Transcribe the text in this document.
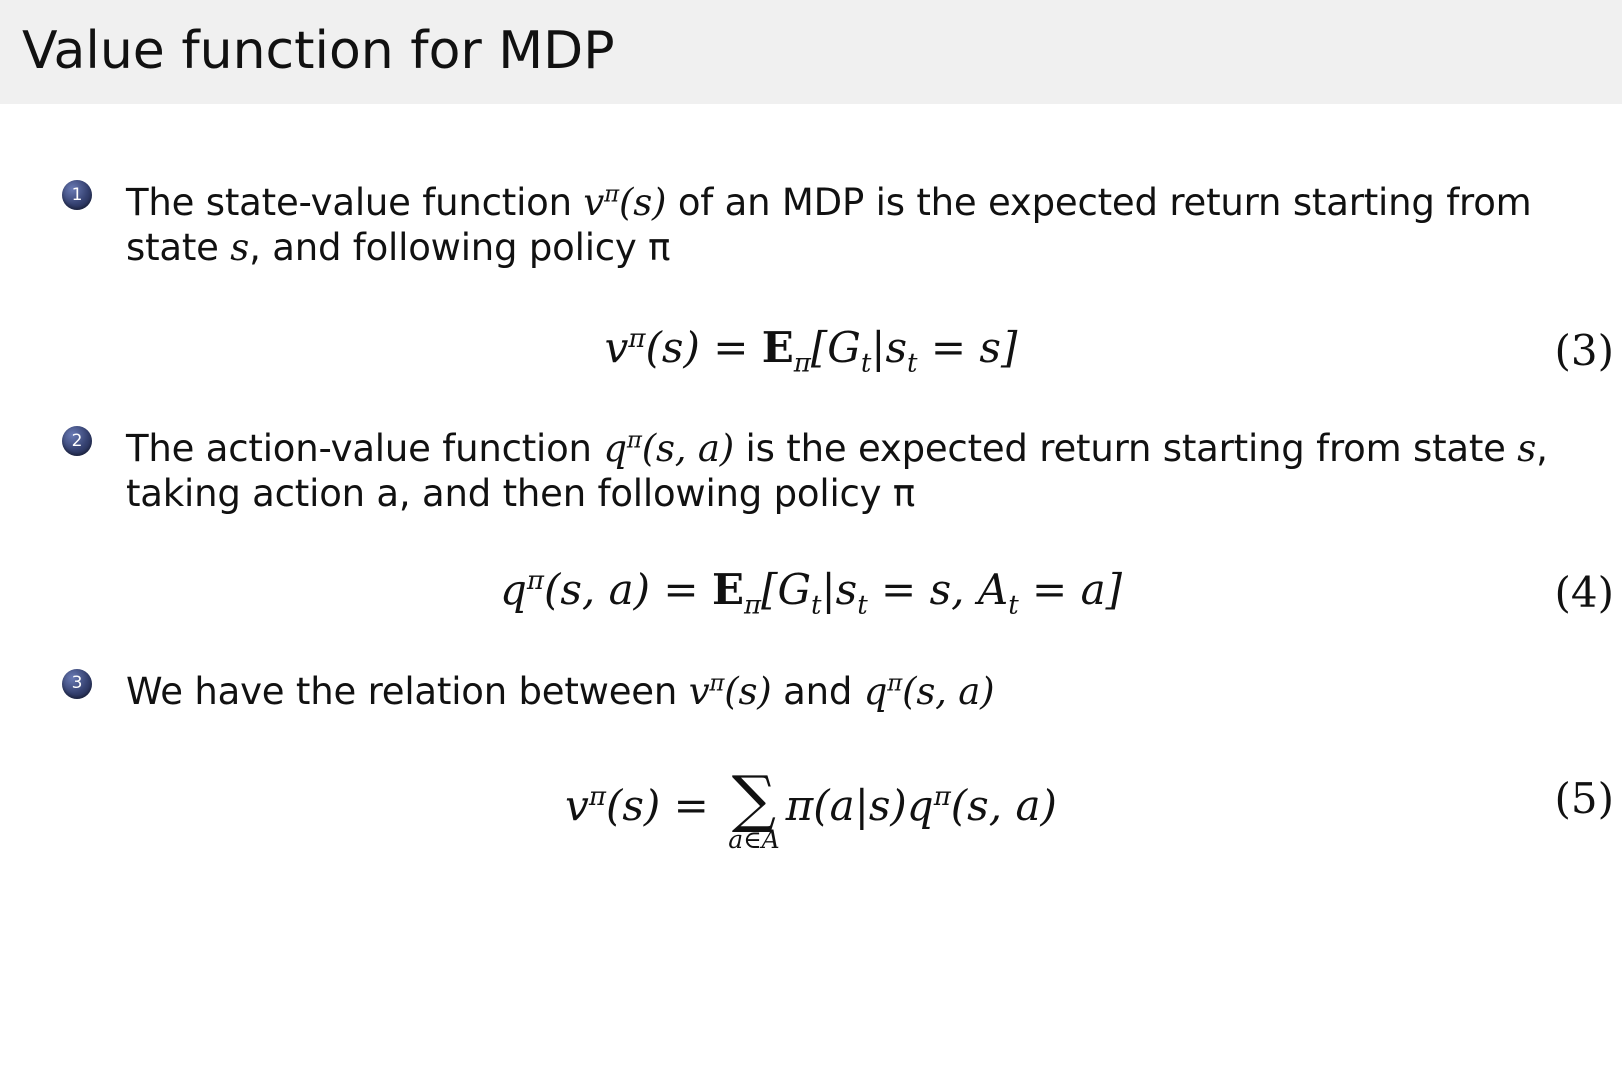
Value function for MDP
1 The state-value function $v^\pi(s)$ of an MDP is the expected return starting from state s, and following policy π
$v^\pi(s) = E$ $_\pi[G_t|s_t = s]$	(3)
2 The action-value function $q^\pi(s$, a) is the expected return starting from state s, taking action a, and then following policy π
$q^\pi(s$, a) = E $_\pi[G_t|s_t = s$, $A_t = a$]	(4)
3 We have the relation between $v^\pi(s)$ and $q^\pi(s$, a)
$v^\pi(s)$ = ∑
a∈A
$\pi(a|s)q^\pi(s$, a)	(5)
